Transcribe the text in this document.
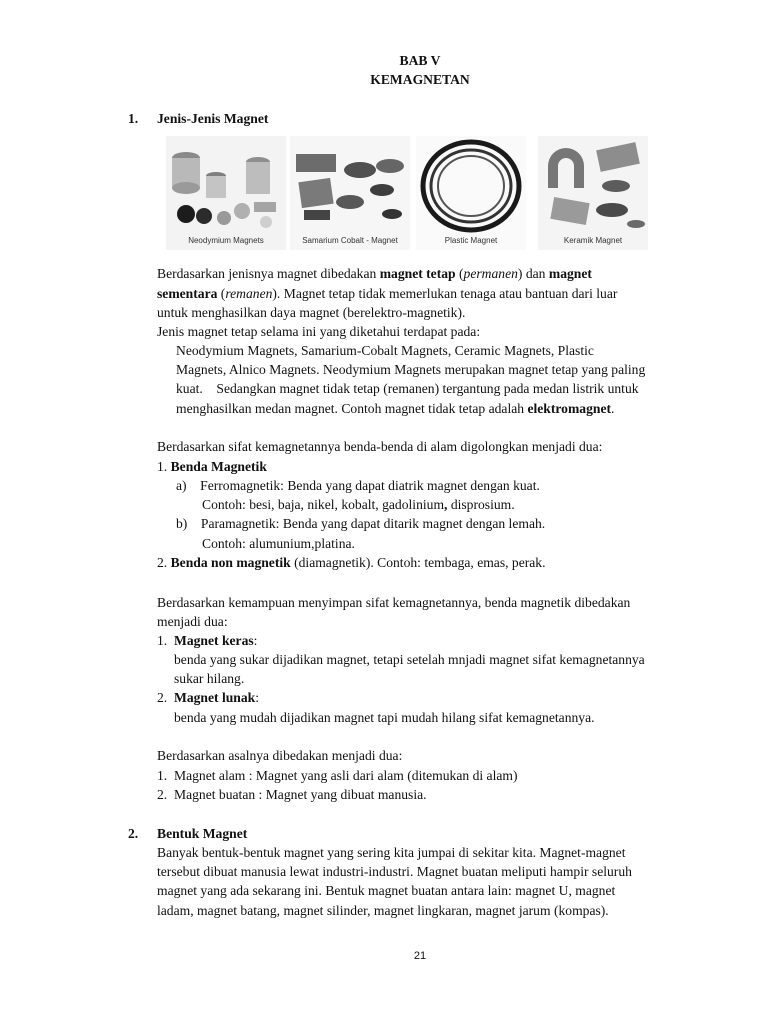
BAB V
KEMAGNETAN
1. Jenis-Jenis Magnet
Neodymium Magnets	Samarium Cobalt - Magnet	Plastic Magnet	Keramik Magnet
Berdasarkan jenisnya magnet dibedakan magnet tetap (permanen) dan magnet
sementara (remanen). Magnet tetap tidak memerlukan tenaga atau bantuan dari luar
untuk menghasilkan daya magnet (berelektro-magnetik).
Jenis magnet tetap selama ini yang diketahui terdapat pada:
Neodymium Magnets, Samarium-Cobalt Magnets, Ceramic Magnets, Plastic
Magnets, Alnico Magnets. Neodymium Magnets merupakan magnet tetap yang paling
kuat.    Sedangkan magnet tidak tetap (remanen) tergantung pada medan listrik untuk
menghasilkan medan magnet. Contoh magnet tidak tetap adalah elektromagnet.
Berdasarkan sifat kemagnetannya benda-benda di alam digolongkan menjadi dua:
1. Benda Magnetik
a)    Ferromagnetik: Benda yang dapat diatrik magnet dengan kuat.
Contoh: besi, baja, nikel, kobalt, gadolinium, disprosium.
b)    Paramagnetik: Benda yang dapat ditarik magnet dengan lemah.
Contoh: alumunium,platina.
2. Benda non magnetik (diamagnetik). Contoh: tembaga, emas, perak.
Berdasarkan kemampuan menyimpan sifat kemagnetannya, benda magnetik dibedakan
menjadi dua:
1.  Magnet keras:
benda yang sukar dijadikan magnet, tetapi setelah mnjadi magnet sifat kemagnetannya
sukar hilang.
2.  Magnet lunak:
benda yang mudah dijadikan magnet tapi mudah hilang sifat kemagnetannya.
Berdasarkan asalnya dibedakan menjadi dua:
1.  Magnet alam : Magnet yang asli dari alam (ditemukan di alam)
2.  Magnet buatan : Magnet yang dibuat manusia.
2. Bentuk Magnet
Banyak bentuk-bentuk magnet yang sering kita jumpai di sekitar kita. Magnet-magnet
tersebut dibuat manusia lewat industri-industri. Magnet buatan meliputi hampir seluruh
magnet yang ada sekarang ini. Bentuk magnet buatan antara lain: magnet U, magnet
ladam, magnet batang, magnet silinder, magnet lingkaran, magnet jarum (kompas).
21
